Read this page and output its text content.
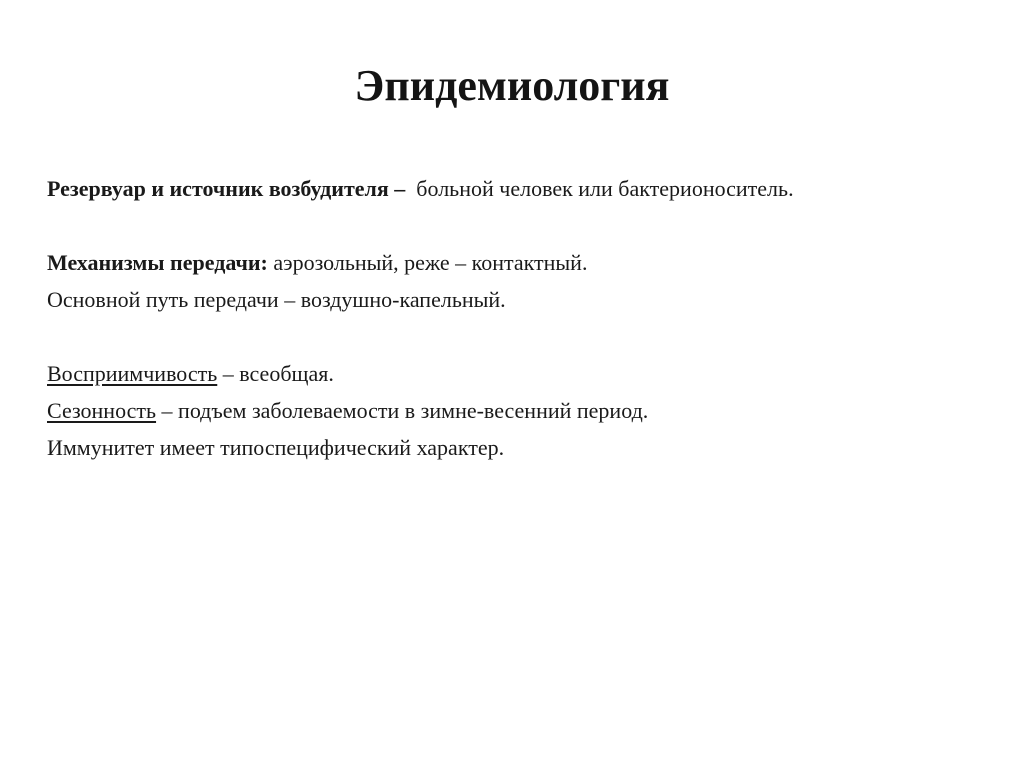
Эпидемиология
Резервуар и источник возбудителя – больной человек или бактерионоситель.
Механизмы передачи: аэрозольный, реже – контактный.
Основной путь передачи – воздушно-капельный.
Восприимчивость – всеобщая.
Сезонность – подъем заболеваемости в зимне-весенний период.
Иммунитет имеет типоспецифический характер.
